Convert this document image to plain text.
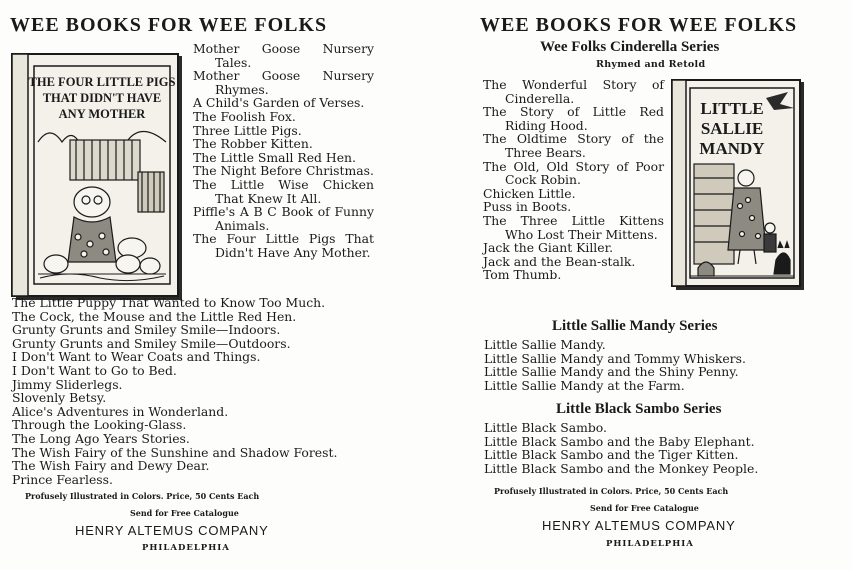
WEE BOOKS FOR WEE FOLKS
THE FOUR LITTLE PIGS
THAT DIDN'T HAVE
ANY MOTHER
Mother Goose Nursery Tales.
Mother Goose Nursery Rhymes.
A Child's Garden of Verses.
The Foolish Fox.
Three Little Pigs.
The Robber Kitten.
The Little Small Red Hen.
The Night Before Christmas.
The Little Wise Chicken That Knew It All.
Piffle's A B C Book of Funny Animals.
The Four Little Pigs That Didn't Have Any Mother.
The Little Puppy That Wanted to Know Too Much.
The Cock, the Mouse and the Little Red Hen.
Grunty Grunts and Smiley Smile—Indoors.
Grunty Grunts and Smiley Smile—Outdoors.
I Don't Want to Wear Coats and Things.
I Don't Want to Go to Bed.
Jimmy Sliderlegs.
Slovenly Betsy.
Alice's Adventures in Wonderland.
Through the Looking-Glass.
The Long Ago Years Stories.
The Wish Fairy of the Sunshine and Shadow Forest.
The Wish Fairy and Dewy Dear.
Prince Fearless.
Profusely Illustrated in Colors. Price, 50 Cents Each
Send for Free Catalogue
HENRY ALTEMUS COMPANY
PHILADELPHIA
WEE BOOKS FOR WEE FOLKS
Wee Folks Cinderella Series
Rhymed and Retold
The Wonderful Story of Cinderella.
The Story of Little Red Riding Hood.
The Oldtime Story of the Three Bears.
The Old, Old Story of Poor Cock Robin.
Chicken Little.
Puss in Boots.
The Three Little Kittens Who Lost Their Mittens.
Jack the Giant Killer.
Jack and the Bean-stalk.
Tom Thumb.
LITTLE
SALLIE
MANDY
Little Sallie Mandy Series
Little Sallie Mandy.
Little Sallie Mandy and Tommy Whiskers.
Little Sallie Mandy and the Shiny Penny.
Little Sallie Mandy at the Farm.
Little Black Sambo Series
Little Black Sambo.
Little Black Sambo and the Baby Elephant.
Little Black Sambo and the Tiger Kitten.
Little Black Sambo and the Monkey People.
Profusely Illustrated in Colors. Price, 50 Cents Each
Send for Free Catalogue
HENRY ALTEMUS COMPANY
PHILADELPHIA
